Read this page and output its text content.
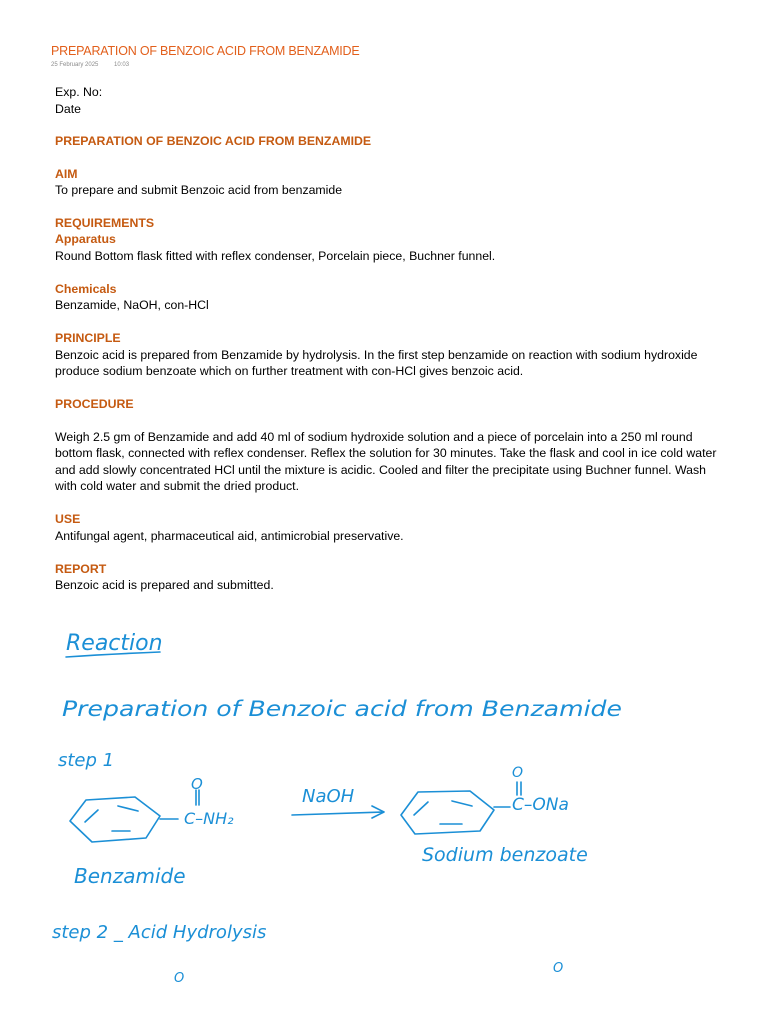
PREPARATION OF BENZOIC ACID FROM BENZAMIDE
25 February 2025	10:03

Exp. No:

Date

PREPARATION OF BENZOIC ACID FROM BENZAMIDE

AIM

To prepare and submit Benzoic acid from benzamide

REQUIREMENTS

Apparatus

Round Bottom flask fitted with reflex condenser, Porcelain piece, Buchner funnel.

Chemicals

Benzamide, NaOH, con-HCl

PRINCIPLE

Benzoic acid is prepared from Benzamide by hydrolysis. In the first step benzamide on reaction with sodium hydroxide

produce sodium benzoate which on further treatment with con-HCl gives benzoic acid.

PROCEDURE

Weigh 2.5 gm of Benzamide and add 40 ml of sodium hydroxide solution and a piece of porcelain into a 250 ml round

bottom flask, connected with reflex condenser. Reflex the solution for 30 minutes. Take the flask and cool in ice cold water

and add slowly concentrated HCl until the mixture is acidic. Cooled and filter the precipitate using Buchner funnel. Wash

with cold water and submit the dried product.

USE

Antifungal agent, pharmaceutical aid, antimicrobial preservative.

REPORT

Benzoic acid is prepared and submitted.

Reaction
Preparation of Benzoic acid from Benzamide
step 1
O
C–NH₂
NaOH
O
C–ONa
Benzamide
Sodium benzoate
step 2 _ Acid Hydrolysis
O
O
